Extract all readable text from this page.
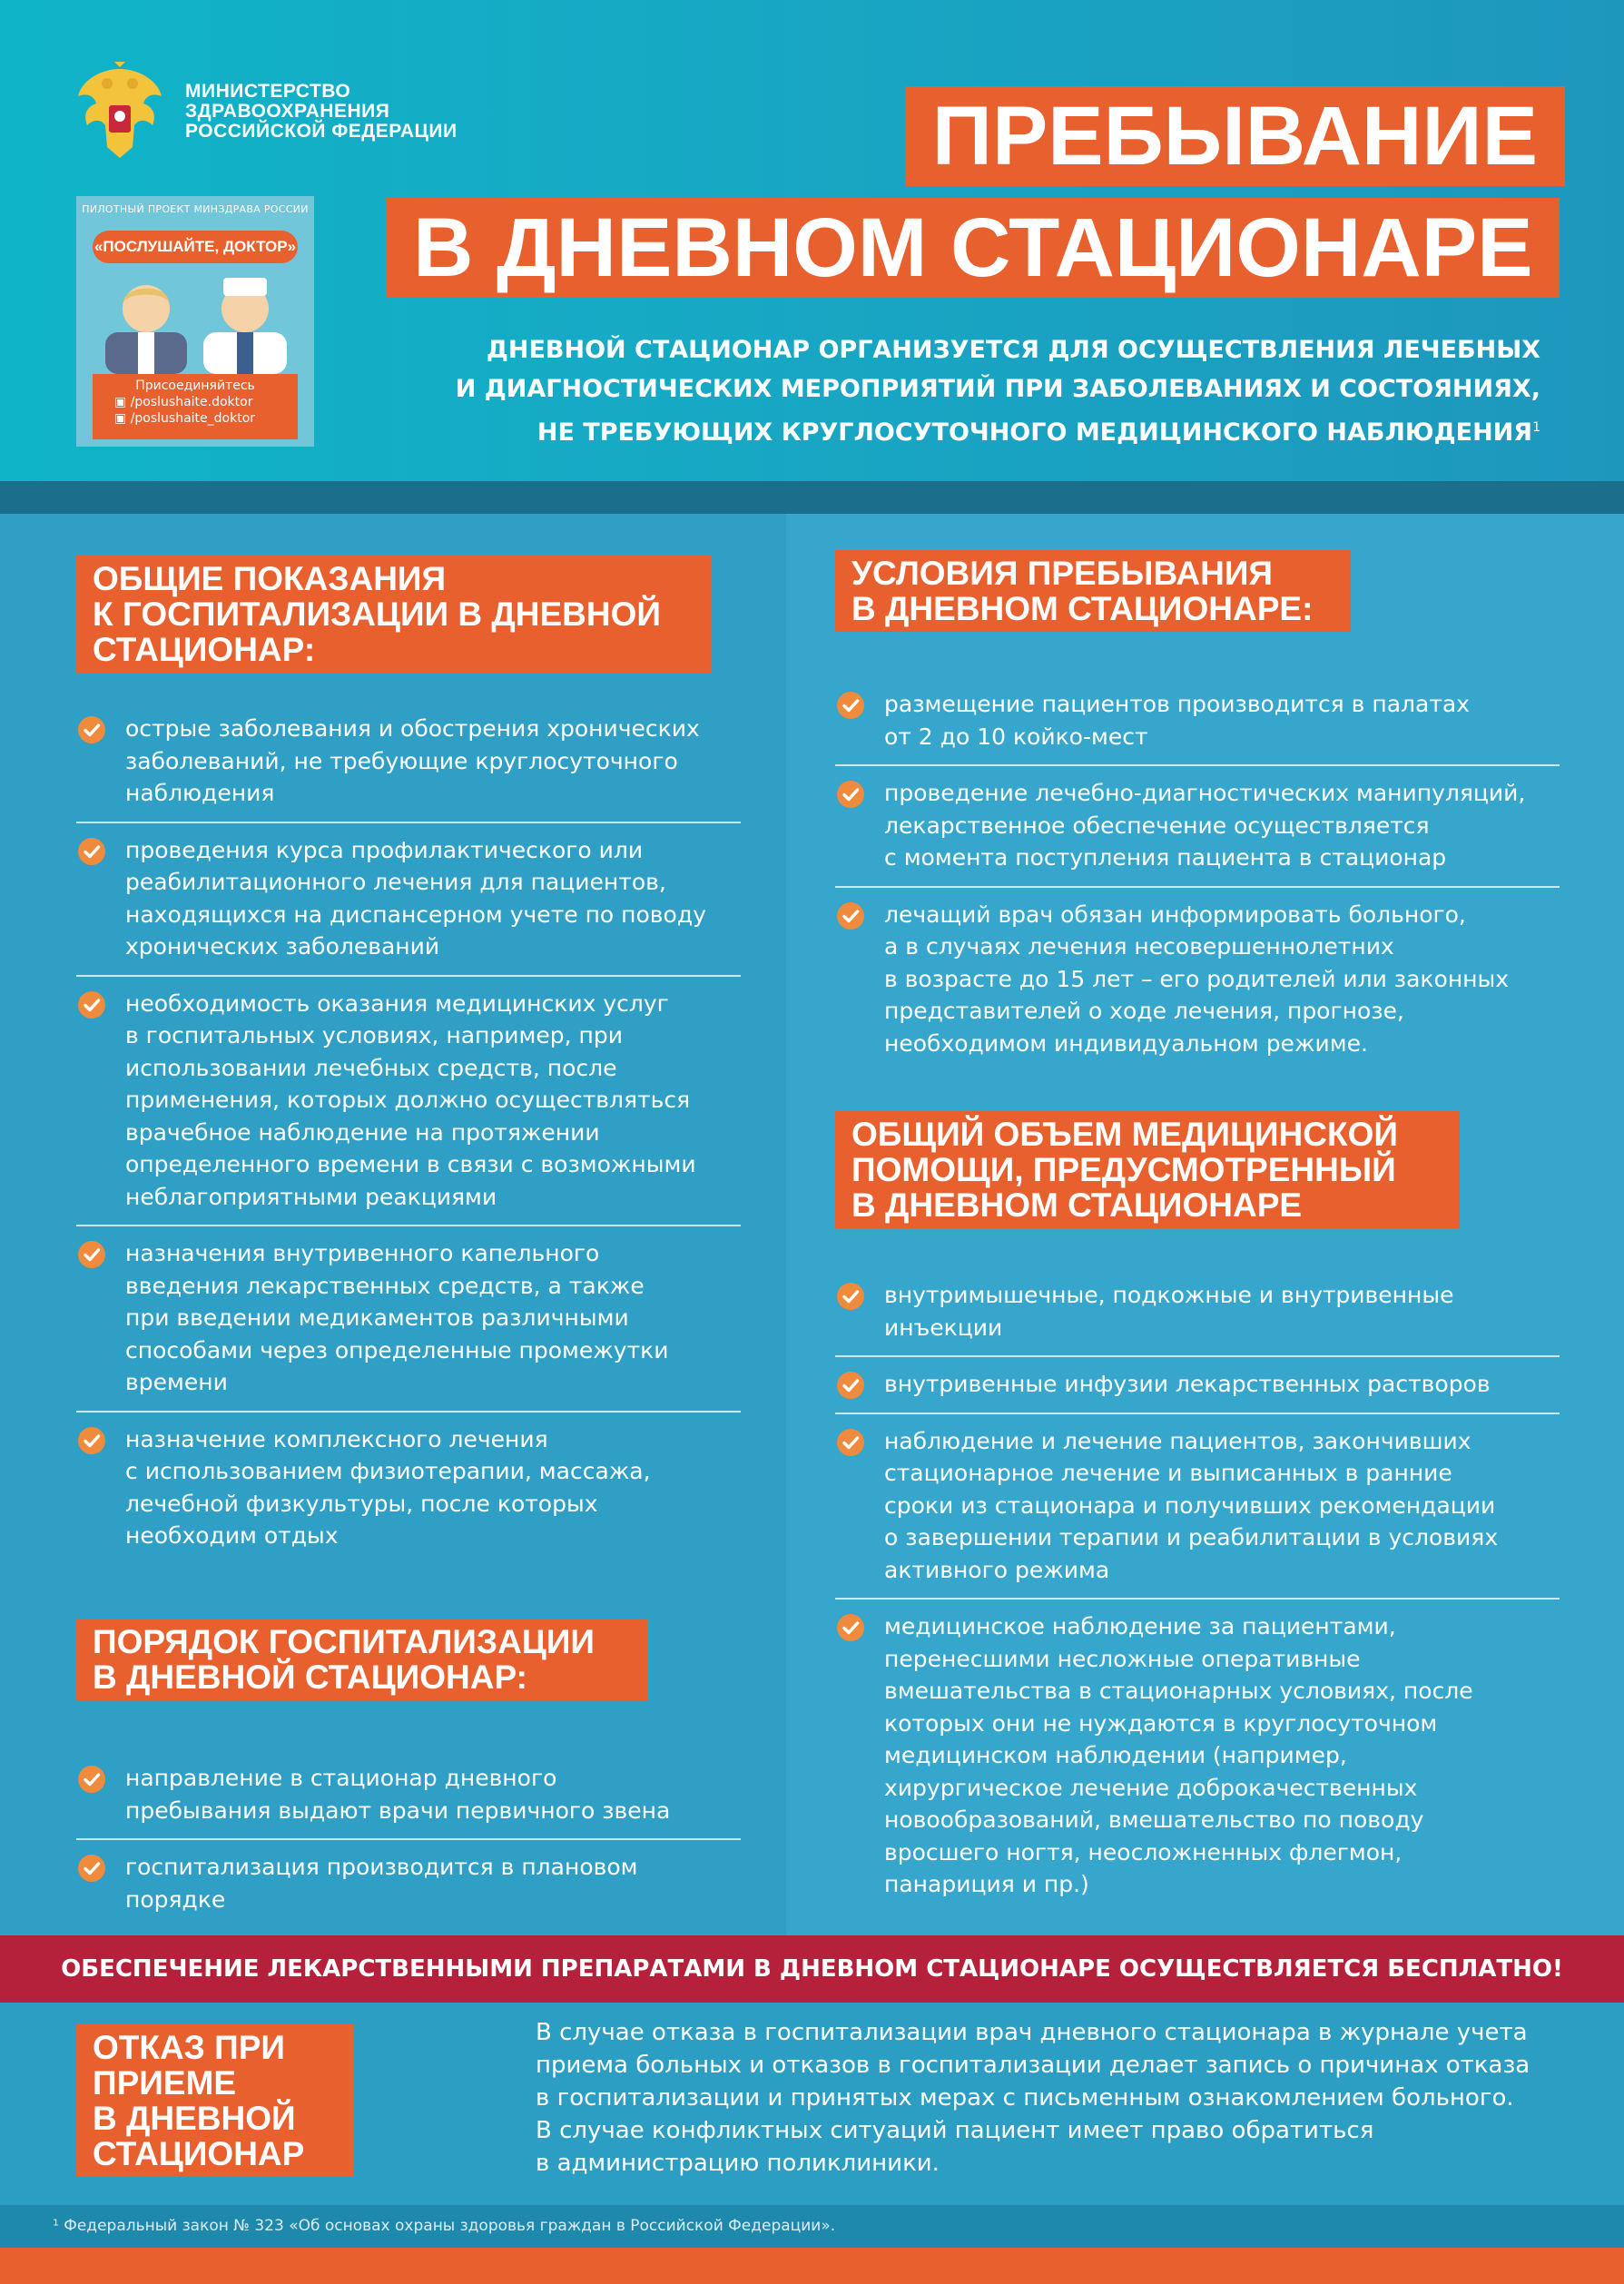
МИНИСТЕРСТВО
ЗДРАВООХРАНЕНИЯ
РОССИЙСКОЙ ФЕДЕРАЦИИ
ПИЛОТНЫЙ ПРОЕКТ МИНЗДРАВА РОССИИ
«ПОСЛУШАЙТЕ, ДОКТОР»
Присоединяйтесь
▣ /poslushaite.doktor
▣ /poslushaite_doktor
ПРЕБЫВАНИЕ
В ДНЕВНОМ СТАЦИОНАРЕ

ДНЕВНОЙ СТАЦИОНАР ОРГАНИЗУЕТСЯ ДЛЯ ОСУЩЕСТВЛЕНИЯ ЛЕЧЕБНЫХ

И ДИАГНОСТИЧЕСКИХ МЕРОПРИЯТИЙ ПРИ ЗАБОЛЕВАНИЯХ И СОСТОЯНИЯХ,

НЕ ТРЕБУЮЩИХ КРУГЛОСУТОЧНОГО МЕДИЦИНСКОГО НАБЛЮДЕНИЯ$^1$

ОБЩИЕ ПОКАЗАНИЯ
К ГОСПИТАЛИЗАЦИИ В ДНЕВНОЙ
СТАЦИОНАР:
ПОРЯДОК ГОСПИТАЛИЗАЦИИ
В ДНЕВНОЙ СТАЦИОНАР:
УСЛОВИЯ ПРЕБЫВАНИЯ
В ДНЕВНОМ СТАЦИОНАРЕ:
ОБЩИЙ ОБЪЕМ МЕДИЦИНСКОЙ
ПОМОЩИ, ПРЕДУСМОТРЕННЫЙ
В ДНЕВНОМ СТАЦИОНАРЕ
ОТКАЗ ПРИ ПРИЕМЕ
В ДНЕВНОЙ
СТАЦИОНАР
острые заболевания и обострения хронических
заболеваний, не требующие круглосуточного
наблюдения
проведения курса профилактического или
реабилитационного лечения для пациентов,
находящихся на диспансерном учете по поводу
хронических заболеваний
необходимость оказания медицинских услуг
в госпитальных условиях, например, при
использовании лечебных средств, после
применения, которых должно осуществляться
врачебное наблюдение на протяжении
определенного времени в связи с возможными
неблагоприятными реакциями
назначения внутривенного капельного
введения лекарственных средств, а также
при введении медикаментов различными
способами через определенные промежутки
времени
назначение комплексного лечения
с использованием физиотерапии, массажа,
лечебной физкультуры, после которых
необходим отдых
направление в стационар дневного
пребывания выдают врачи первичного звена
госпитализация производится в плановом
порядке
размещение пациентов производится в палатах
от 2 до 10 койко-мест
проведение лечебно-диагностических манипуляций,
лекарственное обеспечение осуществляется
с момента поступления пациента в стационар
лечащий врач обязан информировать больного,
а в случаях лечения несовершеннолетних
в возрасте до 15 лет – его родителей или законных
представителей о ходе лечения, прогнозе,
необходимом индивидуальном режиме.
внутримышечные, подкожные и внутривенные
инъекции
внутривенные инфузии лекарственных растворов
наблюдение и лечение пациентов, закончивших
стационарное лечение и выписанных в ранние
сроки из стационара и получивших рекомендации
о завершении терапии и реабилитации в условиях
активного режима
медицинское наблюдение за пациентами,
перенесшими несложные оперативные
вмешательства в стационарных условиях, после
которых они не нуждаются в круглосуточном
медицинском наблюдении (например,
хирургическое лечение доброкачественных
новообразований, вмешательство по поводу
вросшего ногтя, неосложненных флегмон,
панариция и пр.)
ОБЕСПЕЧЕНИЕ ЛЕКАРСТВЕННЫМИ ПРЕПАРАТАМИ В ДНЕВНОМ СТАЦИОНАРЕ ОСУЩЕСТВЛЯЕТСЯ БЕСПЛАТНО!
В случае отказа в госпитализации врач дневного стационара в журнале учета
приема больных и отказов в госпитализации делает запись о причинах отказа
в госпитализации и принятых мерах с письменным ознакомлением больного.
В случае конфликтных ситуаций пациент имеет право обратиться
в администрацию поликлиники.
¹ Федеральный закон № 323 «Об основах охраны здоровья граждан в Российской Федерации».
